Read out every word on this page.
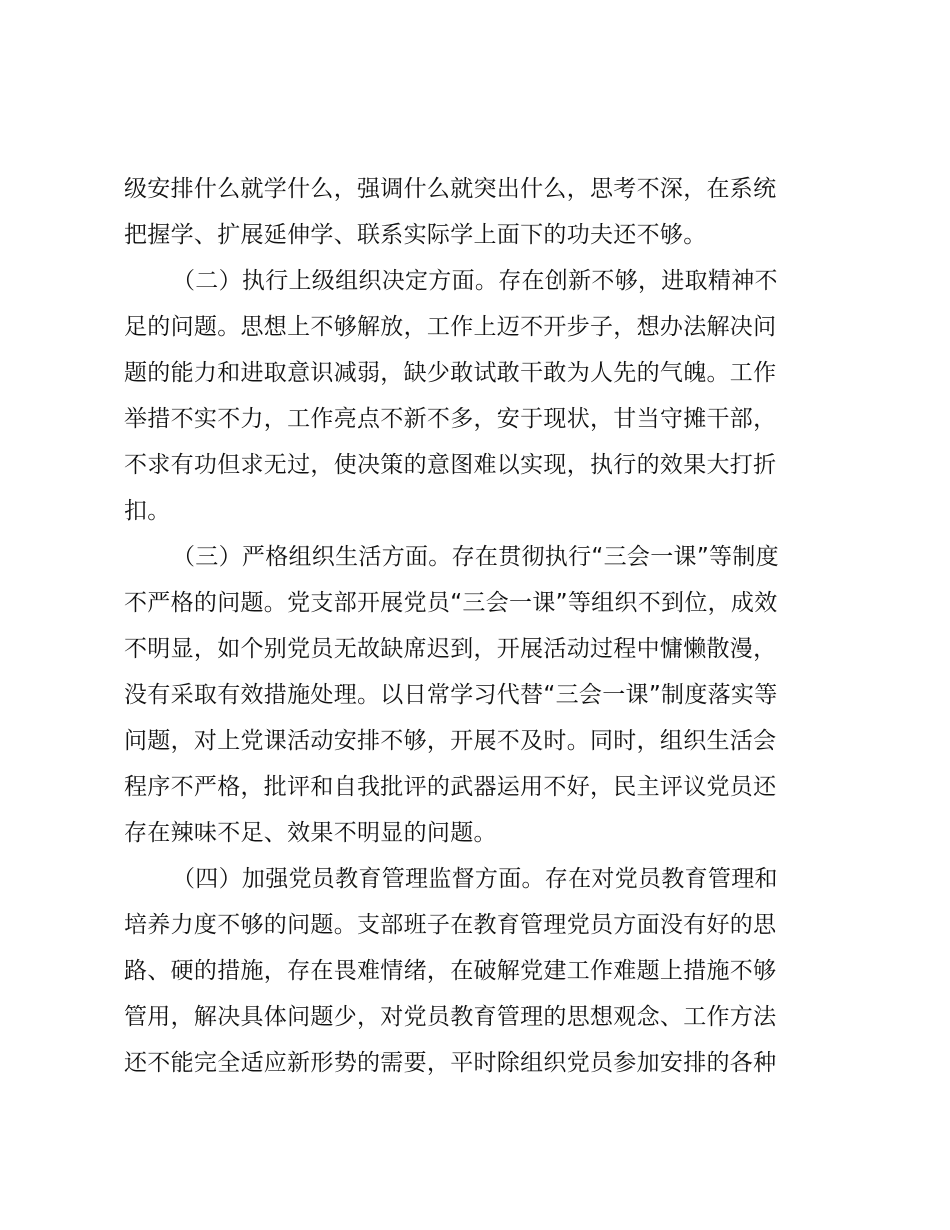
级安排什么就学什么，强调什么就突出什么，思考不深，在系统
把握学、扩展延伸学、联系实际学上面下的功夫还不够。
（二）执行上级组织决定方面。存在创新不够，进取精神不
足的问题。思想上不够解放，工作上迈不开步子，想办法解决问
题的能力和进取意识减弱，缺少敢试敢干敢为人先的气魄。工作
举措不实不力，工作亮点不新不多，安于现状，甘当守摊干部，
不求有功但求无过，使决策的意图难以实现，执行的效果大打折
扣。
（三）严格组织生活方面。存在贯彻执行“三会一课”等制度
不严格的问题。党支部开展党员“三会一课”等组织不到位，成效
不明显，如个别党员无故缺席迟到，开展活动过程中慵懒散漫，
没有采取有效措施处理。以日常学习代替“三会一课”制度落实等
问题，对上党课活动安排不够，开展不及时。同时，组织生活会
程序不严格，批评和自我批评的武器运用不好，民主评议党员还
存在辣味不足、效果不明显的问题。
（四）加强党员教育管理监督方面。存在对党员教育管理和
培养力度不够的问题。支部班子在教育管理党员方面没有好的思
路、硬的措施，存在畏难情绪，在破解党建工作难题上措施不够
管用，解决具体问题少，对党员教育管理的思想观念、工作方法
还不能完全适应新形势的需要，平时除组织党员参加安排的各种
